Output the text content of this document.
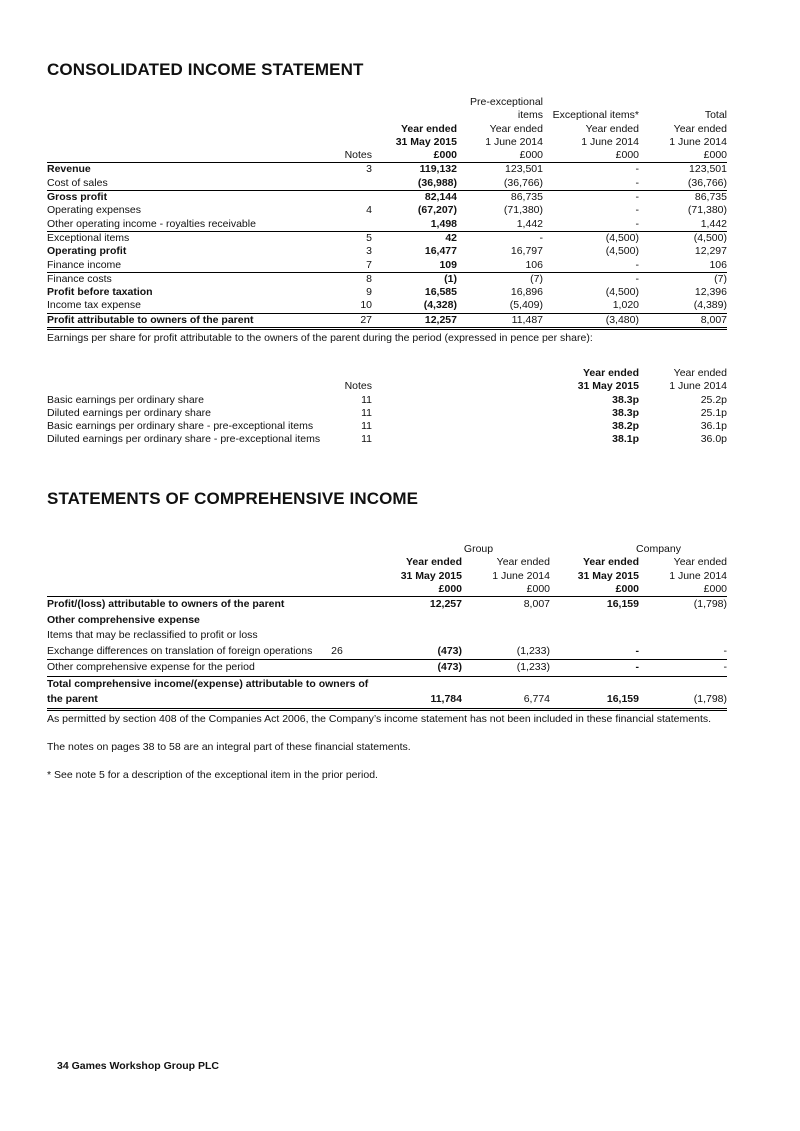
CONSOLIDATED INCOME STATEMENT
			Pre-exceptional		
			items	Exceptional items*	Total
		Year ended	Year ended	Year ended	Year ended
		31 May 2015	1 June 2014	1 June 2014	1 June 2014
	Notes	£000	£000	£000	£000
Revenue	3	119,132	123,501	-	123,501
Cost of sales		(36,988)	(36,766)	-	(36,766)
Gross profit		82,144	86,735	-	86,735
Operating expenses	4	(67,207)	(71,380)	-	(71,380)
Other operating income - royalties receivable		1,498	1,442	-	1,442
Exceptional items	5	42	-	(4,500)	(4,500)
Operating profit	3	16,477	16,797	(4,500)	12,297
Finance income	7	109	106	-	106
Finance costs	8	(1)	(7)	-	(7)
Profit before taxation	9	16,585	16,896	(4,500)	12,396
Income tax expense	10	(4,328)	(5,409)	1,020	(4,389)
Profit attributable to owners of the parent	27	12,257	11,487	(3,480)	8,007

Earnings per share for profit attributable to the owners of the parent during the period (expressed in pence per share):

		Year ended	Year ended
	Notes	31 May 2015	1 June 2014
Basic earnings per ordinary share	11	38.3p	25.2p
Diluted earnings per ordinary share	11	38.3p	25.1p
Basic earnings per ordinary share - pre-exceptional items	11	38.2p	36.1p
Diluted earnings per ordinary share - pre-exceptional items	11	38.1p	36.0p
STATEMENTS OF COMPREHENSIVE INCOME
		Group		Company	
		Year ended	Year ended	Year ended	Year ended
		31 May 2015	1 June 2014	31 May 2015	1 June 2014
		£000	£000	£000	£000
Profit/(loss) attributable to owners of the parent		12,257	8,007	16,159	(1,798)
Other comprehensive expense					
Items that may be reclassified to profit or loss					
Exchange differences on translation of foreign operations	26	(473)	(1,233)	-	-
Other comprehensive expense for the period		(473)	(1,233)	-	-
Total comprehensive income/(expense) attributable to owners of					
the parent		11,784	6,774	16,159	(1,798)

As permitted by section 408 of the Companies Act 2006, the Company’s income statement has not been included in these financial statements.

The notes on pages 38 to 58 are an integral part of these financial statements.

* See note 5 for a description of the exceptional item in the prior period.

34 Games Workshop Group PLC
